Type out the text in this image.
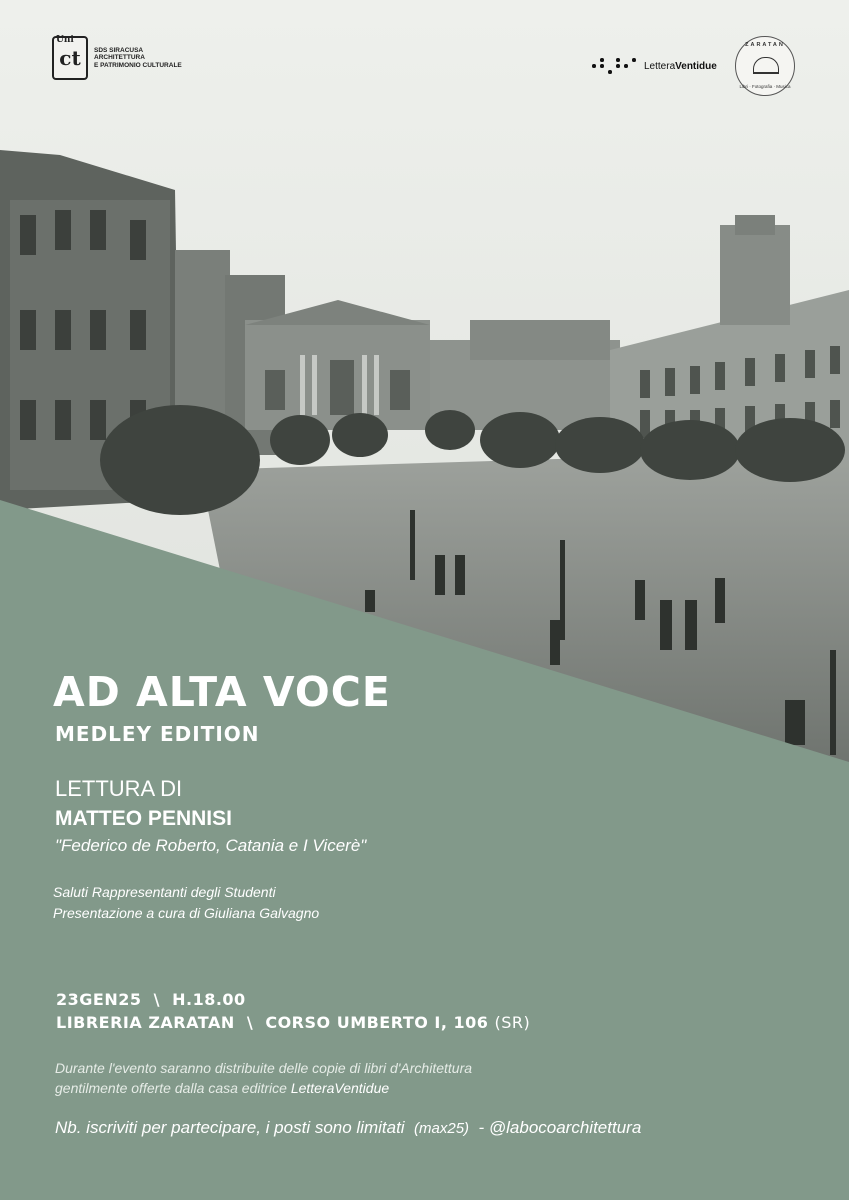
Uni
ct SDS SIRACUSA
ARCHITETTURA
E PATRIMONIO CULTURALE	LetteraVentidue
ZARATAN
Libri · Fotografia · Musica
AD ALTA VOCE
MEDLEY EDITION
LETTURA DI
MATTEO PENNISI
"Federico de Roberto, Catania e I Vicerè"
Saluti Rappresentanti degli Studenti
Presentazione a cura di Giuliana Galvagno
23GEN25  \  H.18.00
LIBRERIA ZARATAN  \  CORSO UMBERTO I, 106 (SR)
Durante l'evento saranno distribuite delle copie di libri d'Architettura
gentilmente offerte dalla casa editrice LetteraVentidue
Nb. iscriviti per partecipare, i posti sono limitati  (max25)  - @labocoarchitettura
